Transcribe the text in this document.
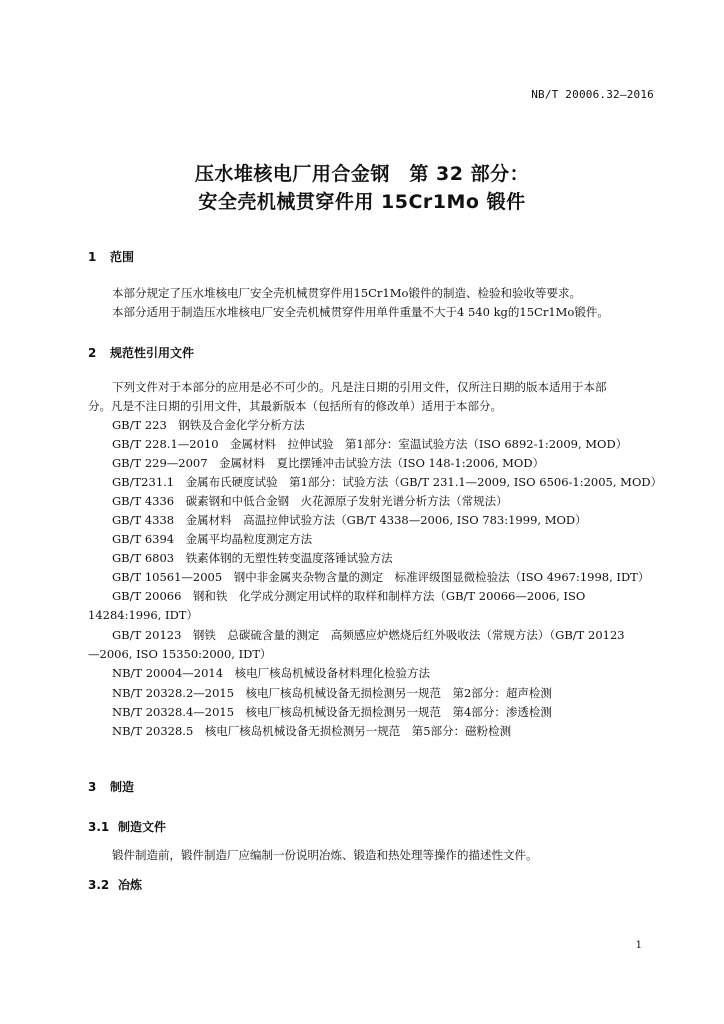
NB/T 20006.32—2016
压水堆核电厂用合金钢　第 32 部分：
安全壳机械贯穿件用 15Cr1Mo 锻件
1 范围
本部分规定了压水堆核电厂安全壳机械贯穿件用15Cr1Mo锻件的制造、检验和验收等要求。
本部分适用于制造压水堆核电厂安全壳机械贯穿件用单件重量不大于4 540 kg的15Cr1Mo锻件。
2 规范性引用文件
下列文件对于本部分的应用是必不可少的。凡是注日期的引用文件，仅所注日期的版本适用于本部
分。凡是不注日期的引用文件，其最新版本（包括所有的修改单）适用于本部分。
GB/T 223　钢铁及合金化学分析方法
GB/T 228.1—2010　金属材料　拉伸试验　第1部分：室温试验方法（ISO 6892-1:2009, MOD）
GB/T 229—2007　金属材料　夏比摆锤冲击试验方法（ISO 148-1:2006, MOD）
GB/T231.1　金属布氏硬度试验　第1部分：试验方法（GB/T 231.1—2009, ISO 6506-1:2005, MOD）
GB/T 4336　碳素钢和中低合金钢　火花源原子发射光谱分析方法（常规法）
GB/T 4338　金属材料　高温拉伸试验方法（GB/T 4338—2006, ISO 783:1999, MOD）
GB/T 6394　金属平均晶粒度测定方法
GB/T 6803　铁素体钢的无塑性转变温度落锤试验方法
GB/T 10561—2005　钢中非金属夹杂物含量的测定　标准评级图显微检验法（ISO 4967:1998, IDT）
GB/T 20066　钢和铁　化学成分测定用试样的取样和制样方法（GB/T 20066—2006, ISO
14284:1996, IDT）
GB/T 20123　钢铁　总碳硫含量的测定　高频感应炉燃烧后红外吸收法（常规方法）（GB/T 20123
—2006, ISO 15350:2000, IDT）
NB/T 20004—2014　核电厂核岛机械设备材料理化检验方法
NB/T 20328.2—2015　核电厂核岛机械设备无损检测另一规范　第2部分：超声检测
NB/T 20328.4—2015　核电厂核岛机械设备无损检测另一规范　第4部分：渗透检测
NB/T 20328.5　核电厂核岛机械设备无损检测另一规范　第5部分：磁粉检测
3 制造
3.1 制造文件
锻件制造前，锻件制造厂应编制一份说明冶炼、锻造和热处理等操作的描述性文件。
3.2 冶炼
1
